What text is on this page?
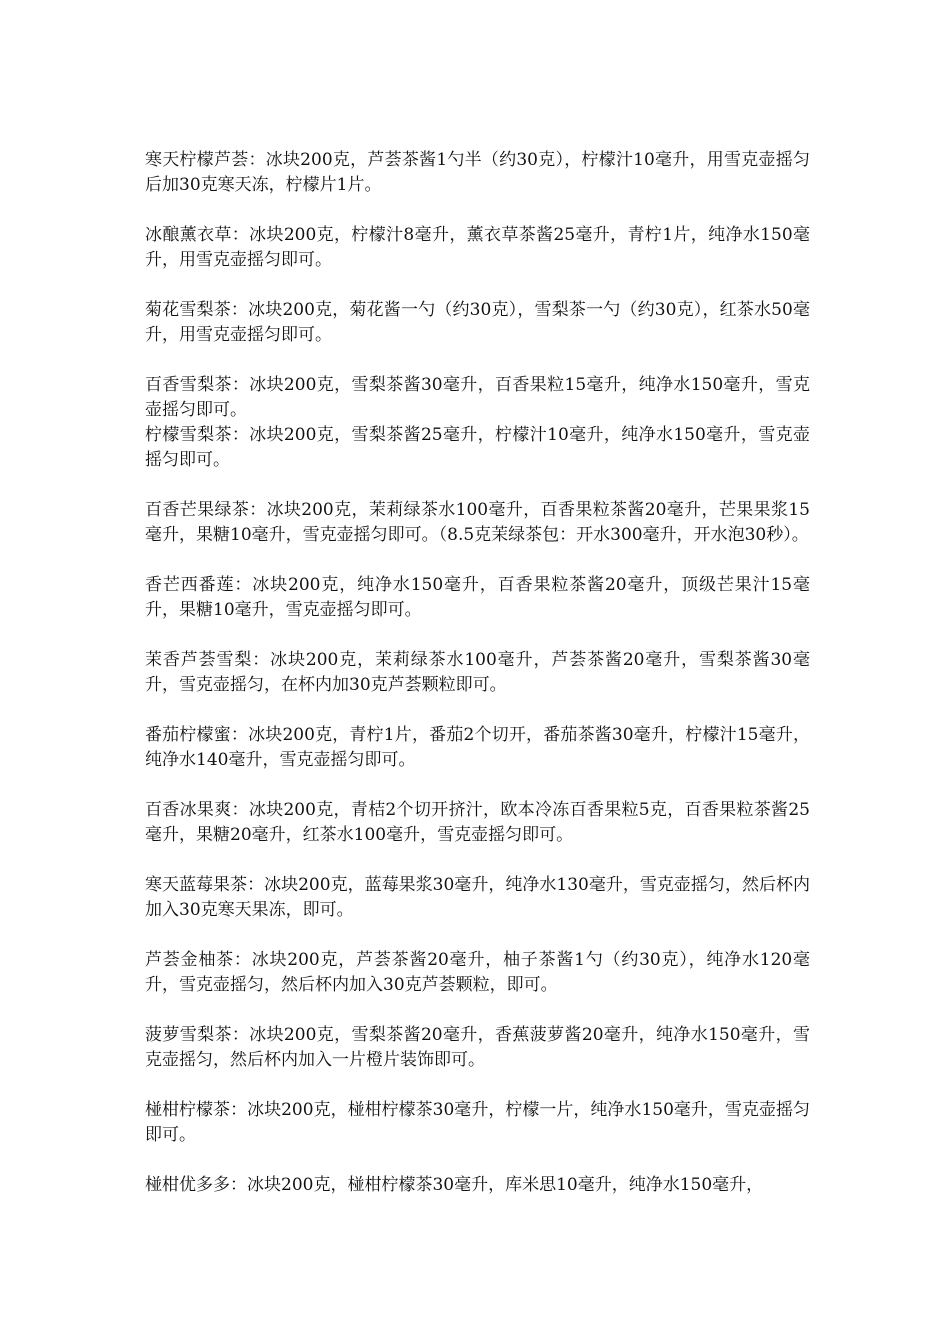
寒天柠檬芦荟：冰块200克，芦荟茶酱1勺半（约30克），柠檬汁10毫升，用雪克壶摇匀后加30克寒天冻，柠檬片1片。

冰酿薰衣草：冰块200克，柠檬汁8毫升，薰衣草茶酱25毫升，青柠1片，纯净水150毫升，用雪克壶摇匀即可。

菊花雪梨茶：冰块200克，菊花酱一勺（约30克），雪梨茶一勺（约30克），红茶水50毫升，用雪克壶摇匀即可。

百香雪梨茶：冰块200克，雪梨茶酱30毫升，百香果粒15毫升，纯净水150毫升，雪克壶摇匀即可。

柠檬雪梨茶：冰块200克，雪梨茶酱25毫升，柠檬汁10毫升，纯净水150毫升，雪克壶摇匀即可。

百香芒果绿茶：冰块200克，茉莉绿茶水100毫升，百香果粒茶酱20毫升，芒果果浆15毫升，果糖10毫升，雪克壶摇匀即可。（8.5克茉绿茶包：开水300毫升，开水泡30秒）。

香芒西番莲：冰块200克，纯净水150毫升，百香果粒茶酱20毫升，顶级芒果汁15毫升，果糖10毫升，雪克壶摇匀即可。

茉香芦荟雪梨：冰块200克，茉莉绿茶水100毫升，芦荟茶酱20毫升，雪梨茶酱30毫升，雪克壶摇匀，在杯内加30克芦荟颗粒即可。

番茄柠檬蜜：冰块200克，青柠1片，番茄2个切开，番茄茶酱30毫升，柠檬汁15毫升，纯净水140毫升，雪克壶摇匀即可。

百香冰果爽：冰块200克，青桔2个切开挤汁，欧本冷冻百香果粒5克，百香果粒茶酱25毫升，果糖20毫升，红茶水100毫升，雪克壶摇匀即可。

寒天蓝莓果茶：冰块200克，蓝莓果浆30毫升，纯净水130毫升，雪克壶摇匀，然后杯内加入30克寒天果冻，即可。

芦荟金柚茶：冰块200克，芦荟茶酱20毫升，柚子茶酱1勺（约30克），纯净水120毫升，雪克壶摇匀，然后杯内加入30克芦荟颗粒，即可。

菠萝雪梨茶：冰块200克，雪梨茶酱20毫升，香蕉菠萝酱20毫升，纯净水150毫升，雪克壶摇匀，然后杯内加入一片橙片装饰即可。

椪柑柠檬茶：冰块200克，椪柑柠檬茶30毫升，柠檬一片，纯净水150毫升，雪克壶摇匀即可。

椪柑优多多：冰块200克，椪柑柠檬茶30毫升，库米思10毫升，纯净水150毫升，
